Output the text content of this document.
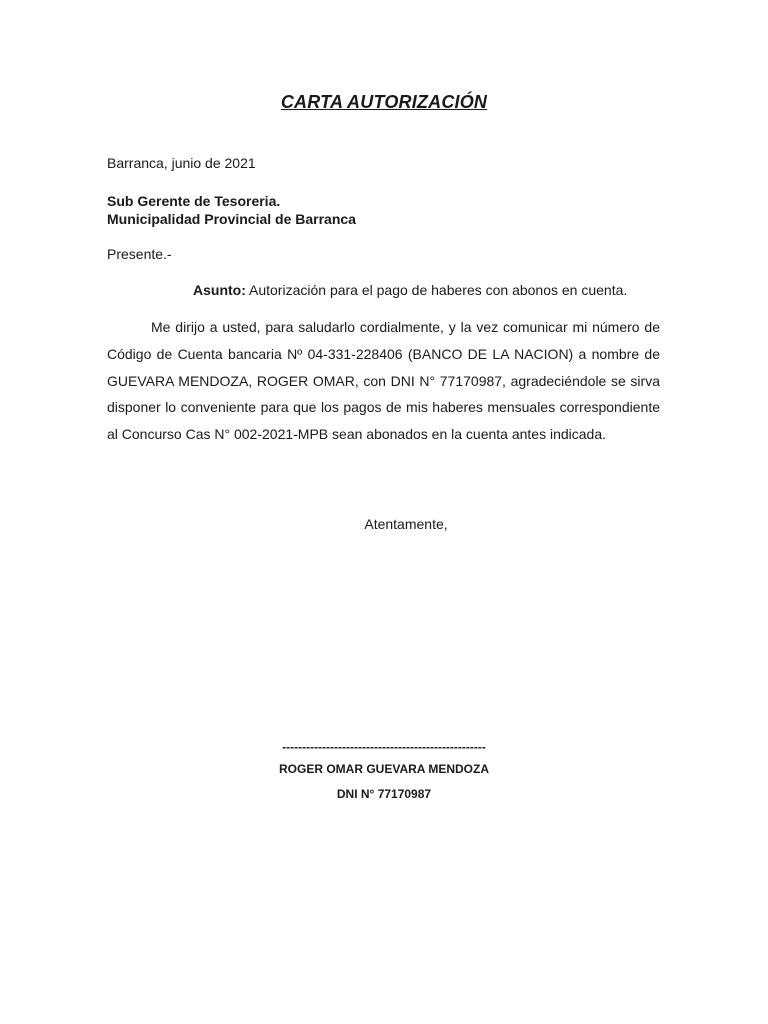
CARTA AUTORIZACIÓN
Barranca, junio de 2021
Sub Gerente de Tesoreria.
Municipalidad Provincial de Barranca
Presente.-
Asunto: Autorización para el pago de haberes con abonos en cuenta.
Me dirijo a usted, para saludarlo cordialmente, y la vez comunicar mi número de Código de Cuenta bancaria Nº 04-331-228406 (BANCO DE LA NACION) a nombre de GUEVARA MENDOZA, ROGER OMAR, con DNI N° 77170987, agradeciéndole se sirva disponer lo conveniente para que los pagos de mis haberes mensuales correspondiente al Concurso Cas N° 002-2021-MPB sean abonados en la cuenta antes indicada.
Atentamente,
---------------------------------------------------
ROGER OMAR GUEVARA MENDOZA
DNI N° 77170987
